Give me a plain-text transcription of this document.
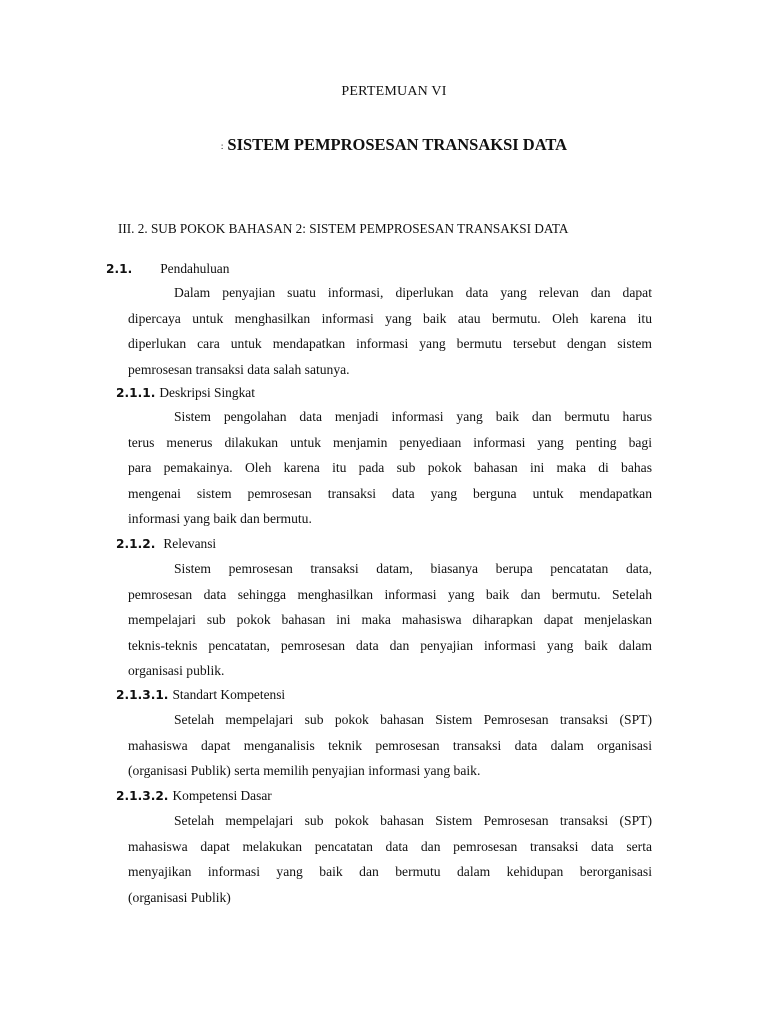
PERTEMUAN VI
: SISTEM PEMPROSESAN TRANSAKSI DATA
III. 2. SUB POKOK BAHASAN 2: SISTEM PEMPROSESAN TRANSAKSI DATA
2.1. Pendahuluan
Dalam penyajian suatu informasi, diperlukan data yang relevan dan dapat
dipercaya untuk menghasilkan informasi yang baik atau bermutu. Oleh karena itu
diperlukan cara untuk mendapatkan informasi yang bermutu tersebut dengan sistem
pemrosesan transaksi data salah satunya.
2.1.1. Deskripsi Singkat
Sistem pengolahan data menjadi informasi yang baik dan bermutu harus
terus menerus dilakukan untuk menjamin penyediaan informasi yang penting bagi
para pemakainya. Oleh karena itu pada sub pokok bahasan ini maka di bahas
mengenai sistem pemrosesan transaksi data yang berguna untuk mendapatkan
informasi yang baik dan bermutu.
2.1.2. Relevansi
Sistem pemrosesan transaksi datam, biasanya berupa pencatatan data,
pemrosesan data sehingga menghasilkan informasi yang baik dan bermutu. Setelah
mempelajari sub pokok bahasan ini maka mahasiswa diharapkan dapat menjelaskan
teknis-teknis pencatatan, pemrosesan data dan penyajian informasi yang baik dalam
organisasi publik.
2.1.3.1. Standart Kompetensi
Setelah mempelajari sub pokok bahasan Sistem Pemrosesan transaksi (SPT)
mahasiswa dapat menganalisis teknik pemrosesan transaksi data dalam organisasi
(organisasi Publik) serta memilih penyajian informasi yang baik.
2.1.3.2. Kompetensi Dasar
Setelah mempelajari sub pokok bahasan Sistem Pemrosesan transaksi (SPT)
mahasiswa dapat melakukan pencatatan data dan pemrosesan transaksi data serta
menyajikan informasi yang baik dan bermutu dalam kehidupan berorganisasi
(organisasi Publik)
